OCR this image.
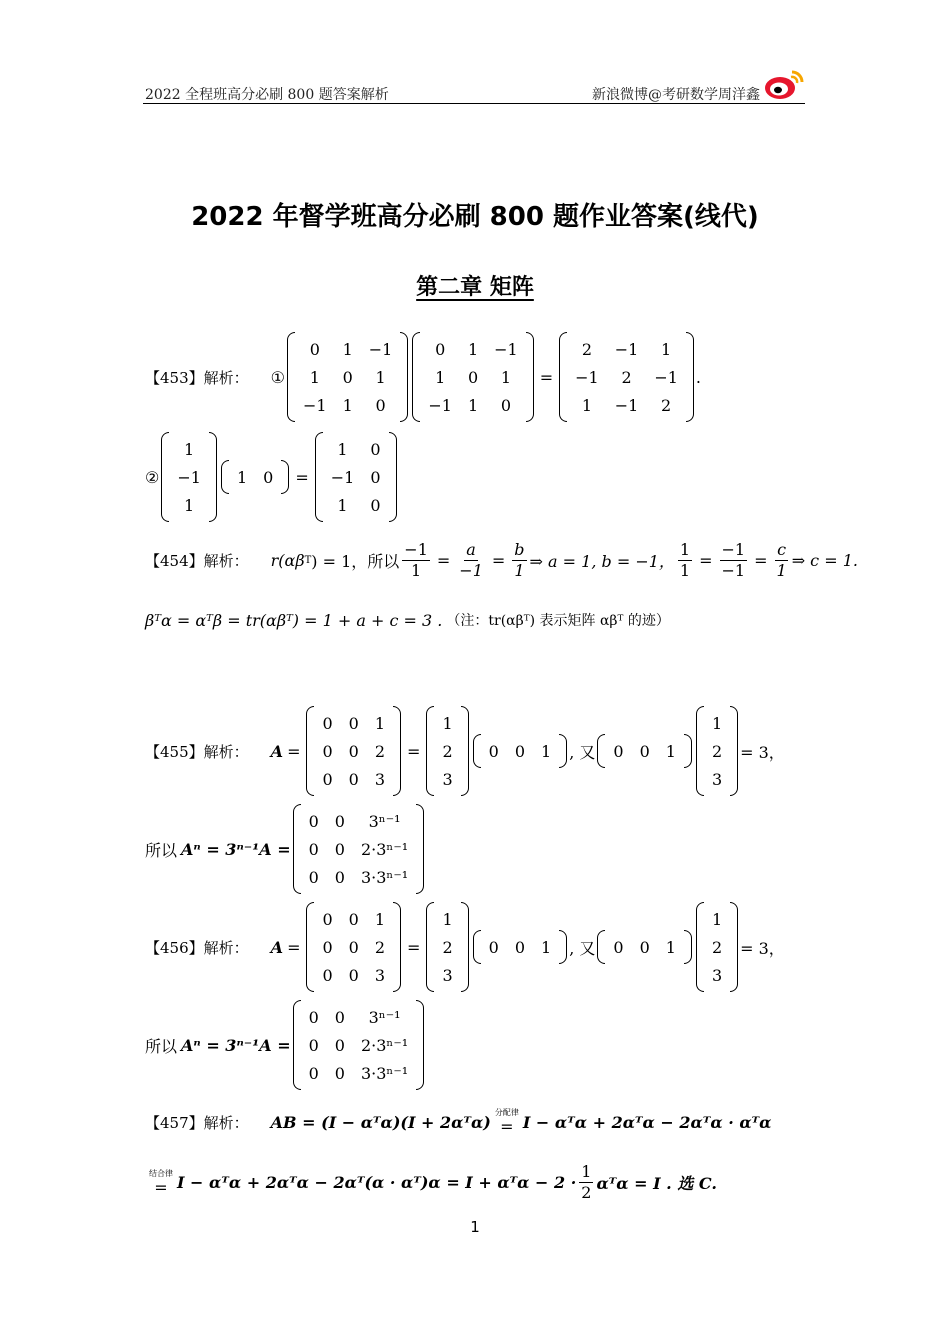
2022 全程班高分必刷 800 题答案解析	新浪微博@考研数学周洋鑫
2022 年督学班高分必刷 800 题作业答案(线代)
第二章 矩阵
【453】解析： ①
0	1	−1
1	0	1
−1	1	0
0	1	−1
1	0	1
−1	1	0
=
2	−1	1
−1	2	−1
1	−1	2
.
②
1
−1
1
1	0 =
1	0
−1	0
1	0
【454】解析： r(αβ T ) = 1，所以 $\frac{-1}{1} = \frac{a}{-1} = \frac{b}{1}$ ⇒ a = 1, b = −1， $\frac{1}{1} = \frac{-1}{-1} = \frac{c}{1}$ ⇒ c = 1.
βᵀα = αᵀβ = tr(αβᵀ) = 1 + a + c = 3 . （注：tr(αβᵀ) 表示矩阵 αβᵀ 的迹）
【455】解析： A =
0	0	1
0	0	2
0	0	3
=
1
2
3
0	0	1 , 又 0	0	1
1
2
3
= 3，
所以 Aⁿ = 3ⁿ⁻¹A =
0	0	3ⁿ⁻¹
0	0	2·3ⁿ⁻¹
0	0	3·3ⁿ⁻¹
【456】解析： A =
0	0	1
0	0	2
0	0	3
=
1
2
3
0	0	1 , 又 0	0	1
1
2
3
= 3，
所以 Aⁿ = 3ⁿ⁻¹A =
0	0	3ⁿ⁻¹
0	0	2·3ⁿ⁻¹
0	0	3·3ⁿ⁻¹
【457】解析： AB = (I − αᵀα)(I + 2αᵀα) 分配律
= I − αᵀα + 2αᵀα − 2αᵀα · αᵀα
结合律
= I − αᵀα + 2αᵀα − 2αᵀ(α · αᵀ)α = I + αᵀα − $2 \cdot \frac{1}{2}$ αᵀα = I . 选 C.
1
